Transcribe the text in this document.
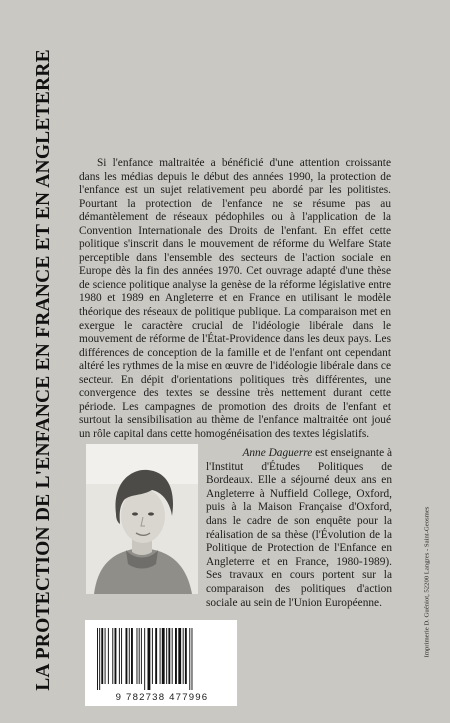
LA PROTECTION DE L'ENFANCE EN FRANCE ET EN ANGLETERRE	Si l'enfance maltraitée a bénéficié d'une attention croissante dans les médias depuis le début des années 1990, la protection de l'enfance est un sujet relativement peu abordé par les politistes. Pourtant la protection de l'enfance ne se résume pas au démantèlement de réseaux pédophiles ou à l'application de la Convention Internationale des Droits de l'enfant. En effet cette politique s'inscrit dans le mouvement de réforme du Welfare State perceptible dans l'ensemble des secteurs de l'action sociale en Europe dès la fin des années 1970. Cet ouvrage adapté d'une thèse de science politique analyse la genèse de la réforme législative entre 1980 et 1989 en Angleterre et en France en utilisant le modèle théorique des réseaux de politique publique. La comparaison met en exergue le caractère crucial de l'idéologie libérale dans le mouvement de réforme de l'État-Providence dans les deux pays. Les différences de conception de la famille et de l'enfant ont cependant altéré les rythmes de la mise en œuvre de l'idéologie libérale dans ce secteur. En dépit d'orientations politiques très différentes, une convergence des textes se dessine très nettement durant cette période. Les campagnes de promotion des droits de l'enfant et surtout la sensibilisation au thème de l'enfance maltraitée ont joué un rôle capital dans cette homogénéisation des textes législatifs.

Anne Daguerre est enseignante à
l'Institut d'Études Politiques de Bordeaux. Elle a séjourné deux ans en Angleterre à Nuffield College, Oxford, puis à la Maison Française d'Oxford, dans le cadre de son enquête pour la réalisation de sa thèse (l'Évolution de la Politique de Protection de l'Enfance en Angleterre et en France, 1980-1989). Ses travaux en cours portent sur la comparaison des politiques d'action sociale au sein de l'Union Européenne.	Imprimerie D. Guéniot, 52200 Langres - Saint-Geosmes
9 782738 477996
